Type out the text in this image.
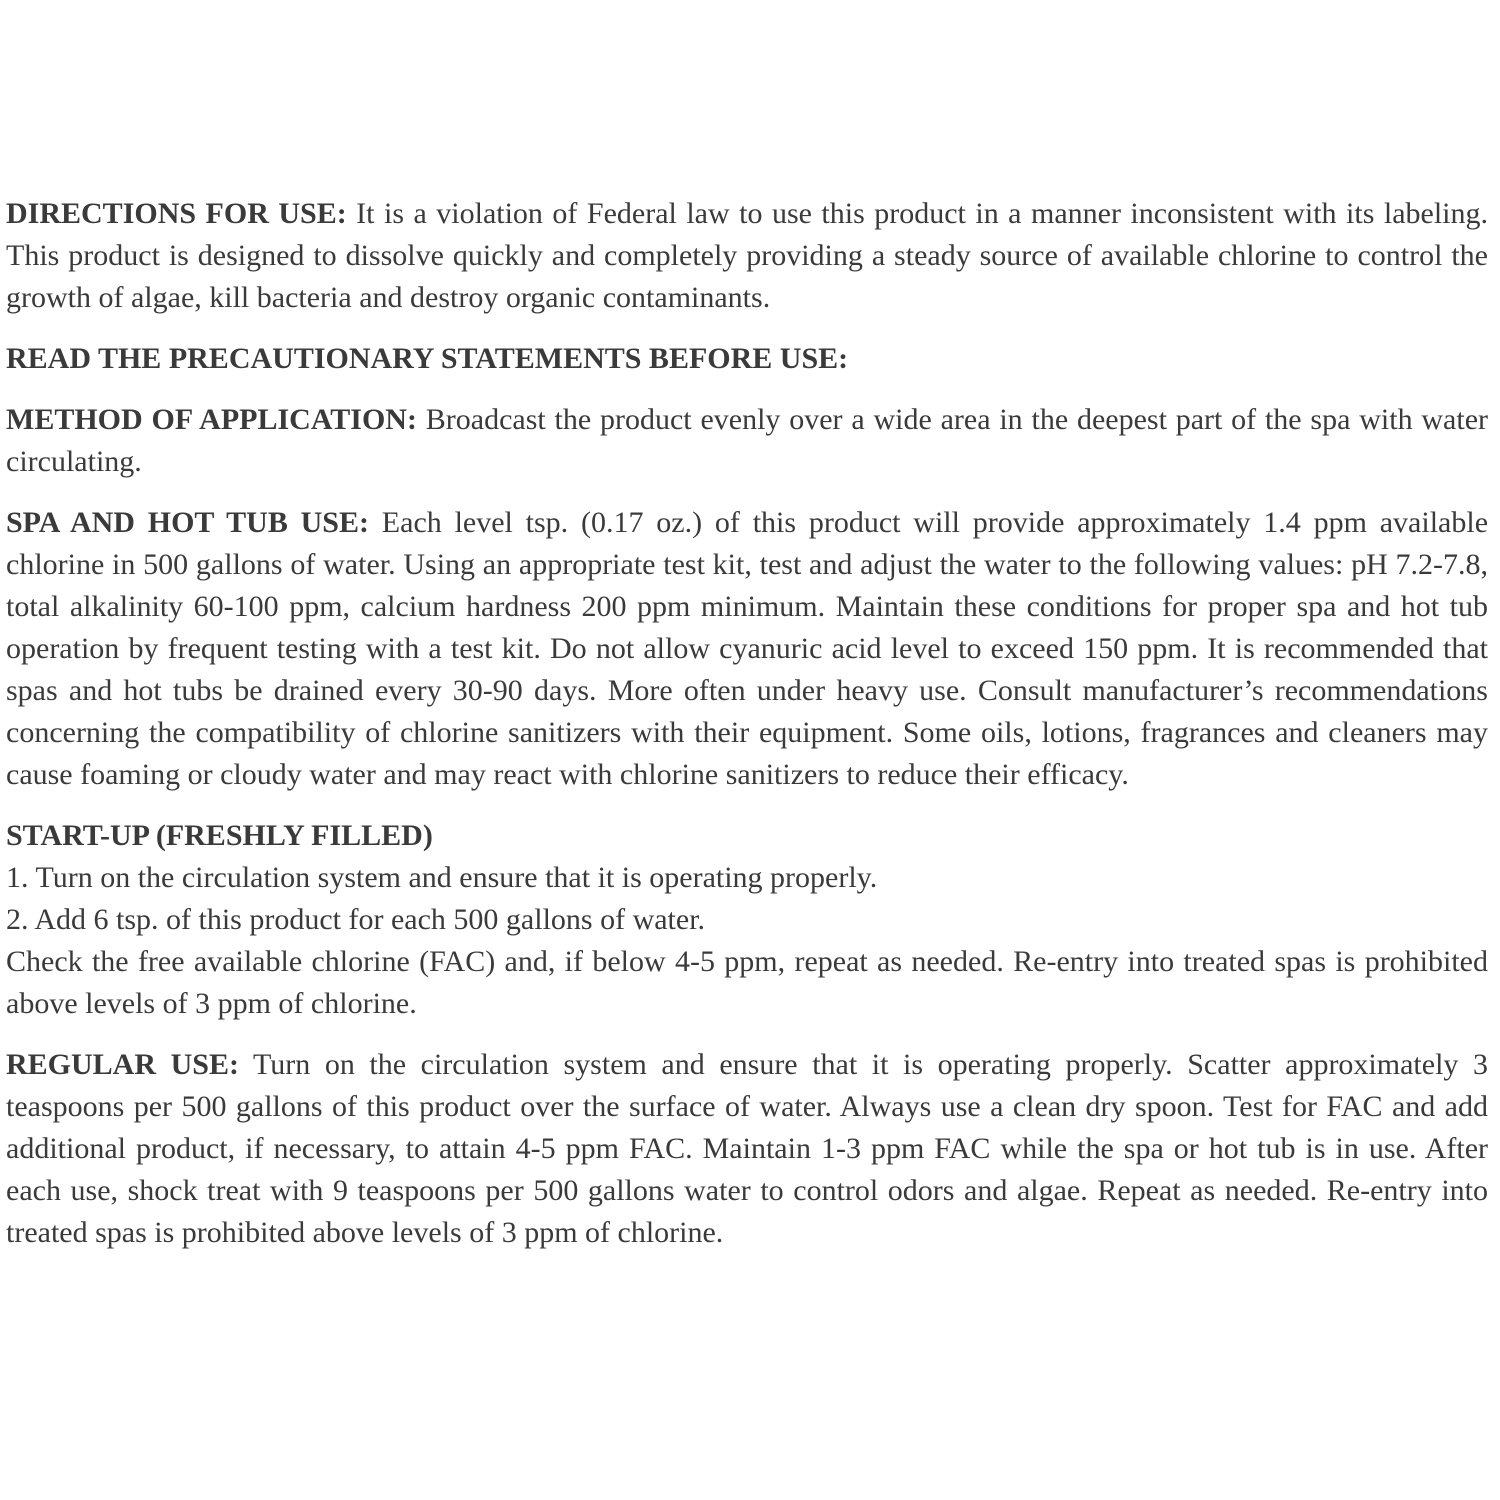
DIRECTIONS FOR USE: It is a violation of Federal law to use this product in a manner inconsistent with its labeling. This product is designed to dissolve quickly and completely providing a steady source of available chlorine to control the growth of algae, kill bacteria and destroy organic contaminants.

READ THE PRECAUTIONARY STATEMENTS BEFORE USE:

METHOD OF APPLICATION: Broadcast the product evenly over a wide area in the deepest part of the spa with water circulating.

SPA AND HOT TUB USE: Each level tsp. (0.17 oz.) of this product will provide approximately 1.4 ppm available chlorine in 500 gallons of water. Using an appropriate test kit, test and adjust the water to the following values: pH 7.2-7.8, total alkalinity 60-100 ppm, calcium hardness 200 ppm minimum. Maintain these conditions for proper spa and hot tub operation by frequent testing with a test kit. Do not allow cyanuric acid level to exceed 150 ppm. It is recommended that spas and hot tubs be drained every 30-90 days. More often under heavy use. Consult manufacturer’s recommendations concerning the compatibility of chlorine sanitizers with their equipment. Some oils, lotions, fragrances and cleaners may cause foaming or cloudy water and may react with chlorine sanitizers to reduce their efficacy.

START-UP (FRESHLY FILLED)
1. Turn on the circulation system and ensure that it is operating properly.
2. Add 6 tsp. of this product for each 500 gallons of water.
Check the free available chlorine (FAC) and, if below 4-5 ppm, repeat as needed. Re-entry into treated spas is prohibited above levels of 3 ppm of chlorine.

REGULAR USE: Turn on the circulation system and ensure that it is operating properly. Scatter approximately 3 teaspoons per 500 gallons of this product over the surface of water. Always use a clean dry spoon. Test for FAC and add additional product, if necessary, to attain 4-5 ppm FAC. Maintain 1-3 ppm FAC while the spa or hot tub is in use. After each use, shock treat with 9 teaspoons per 500 gallons water to control odors and algae. Repeat as needed. Re-entry into treated spas is prohibited above levels of 3 ppm of chlorine.
